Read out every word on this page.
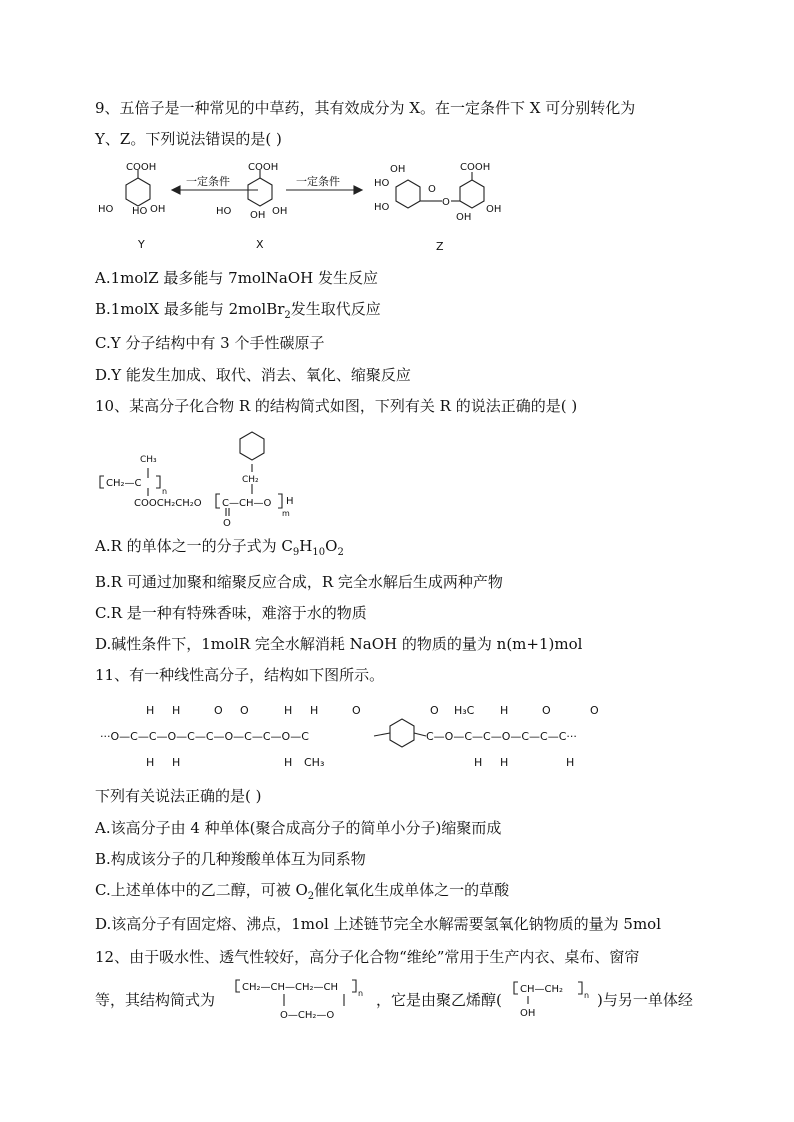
9、五倍子是一种常见的中草药，其有效成分为 X。在一定条件下 X 可分别转化为
Y、Z。下列说法错误的是( )
COOH
HO HO OH
Y
一定条件
COOH
HO OH OH
X
一定条件
OH
HO
HO
O
O
COOH
OH
OH
Z
A.1molZ 最多能与 7molNaOH 发生反应
B.1molX 最多能与 2molBr$_2$发生取代反应
C.Y 分子结构中有 3 个手性碳原子
D.Y 能发生加成、取代、消去、氧化、缩聚反应
10、某高分子化合物 R 的结构简式如图，下列有关 R 的说法正确的是( )
CH₂—C
CH₃
n
COOCH₂CH₂O C—CH—O
O
CH₂
H
m
A.R 的单体之一的分子式为 $C_9H_{10}O_2$
B.R 可通过加聚和缩聚反应合成，R 完全水解后生成两种产物
C.R 是一种有特殊香味，难溶于水的物质
D.碱性条件下，1molR 完全水解消耗 NaOH 的物质的量为 n(m+1)mol
11、有一种线性高分子，结构如下图所示。
···O—C—C—O—C—C—O—C—C—O—C
H H
H H
O O	H H
H CH₃
O
C—O—C—C—O—C—C—C···
O H₃C H
H H
O	O
H
下列有关说法正确的是( )
A.该高分子由 4 种单体(聚合成高分子的简单小分子)缩聚而成
B.构成该分子的几种羧酸单体互为同系物
C.上述单体中的乙二醇，可被 $O_2$催化氧化生成单体之一的草酸
D.该高分子有固定熔、沸点，1mol 上述链节完全水解需要氢氧化钠物质的量为 5mol
12、由于吸水性、透气性较好，高分子化合物“维纶”常用于生产内衣、桌布、窗帘
等，其结构简式为
CH₂—CH—CH₂—CH
n
O—CH₂—O
，它是由聚乙烯醇(
CH—CH₂
n
OH
)与另一单体经
